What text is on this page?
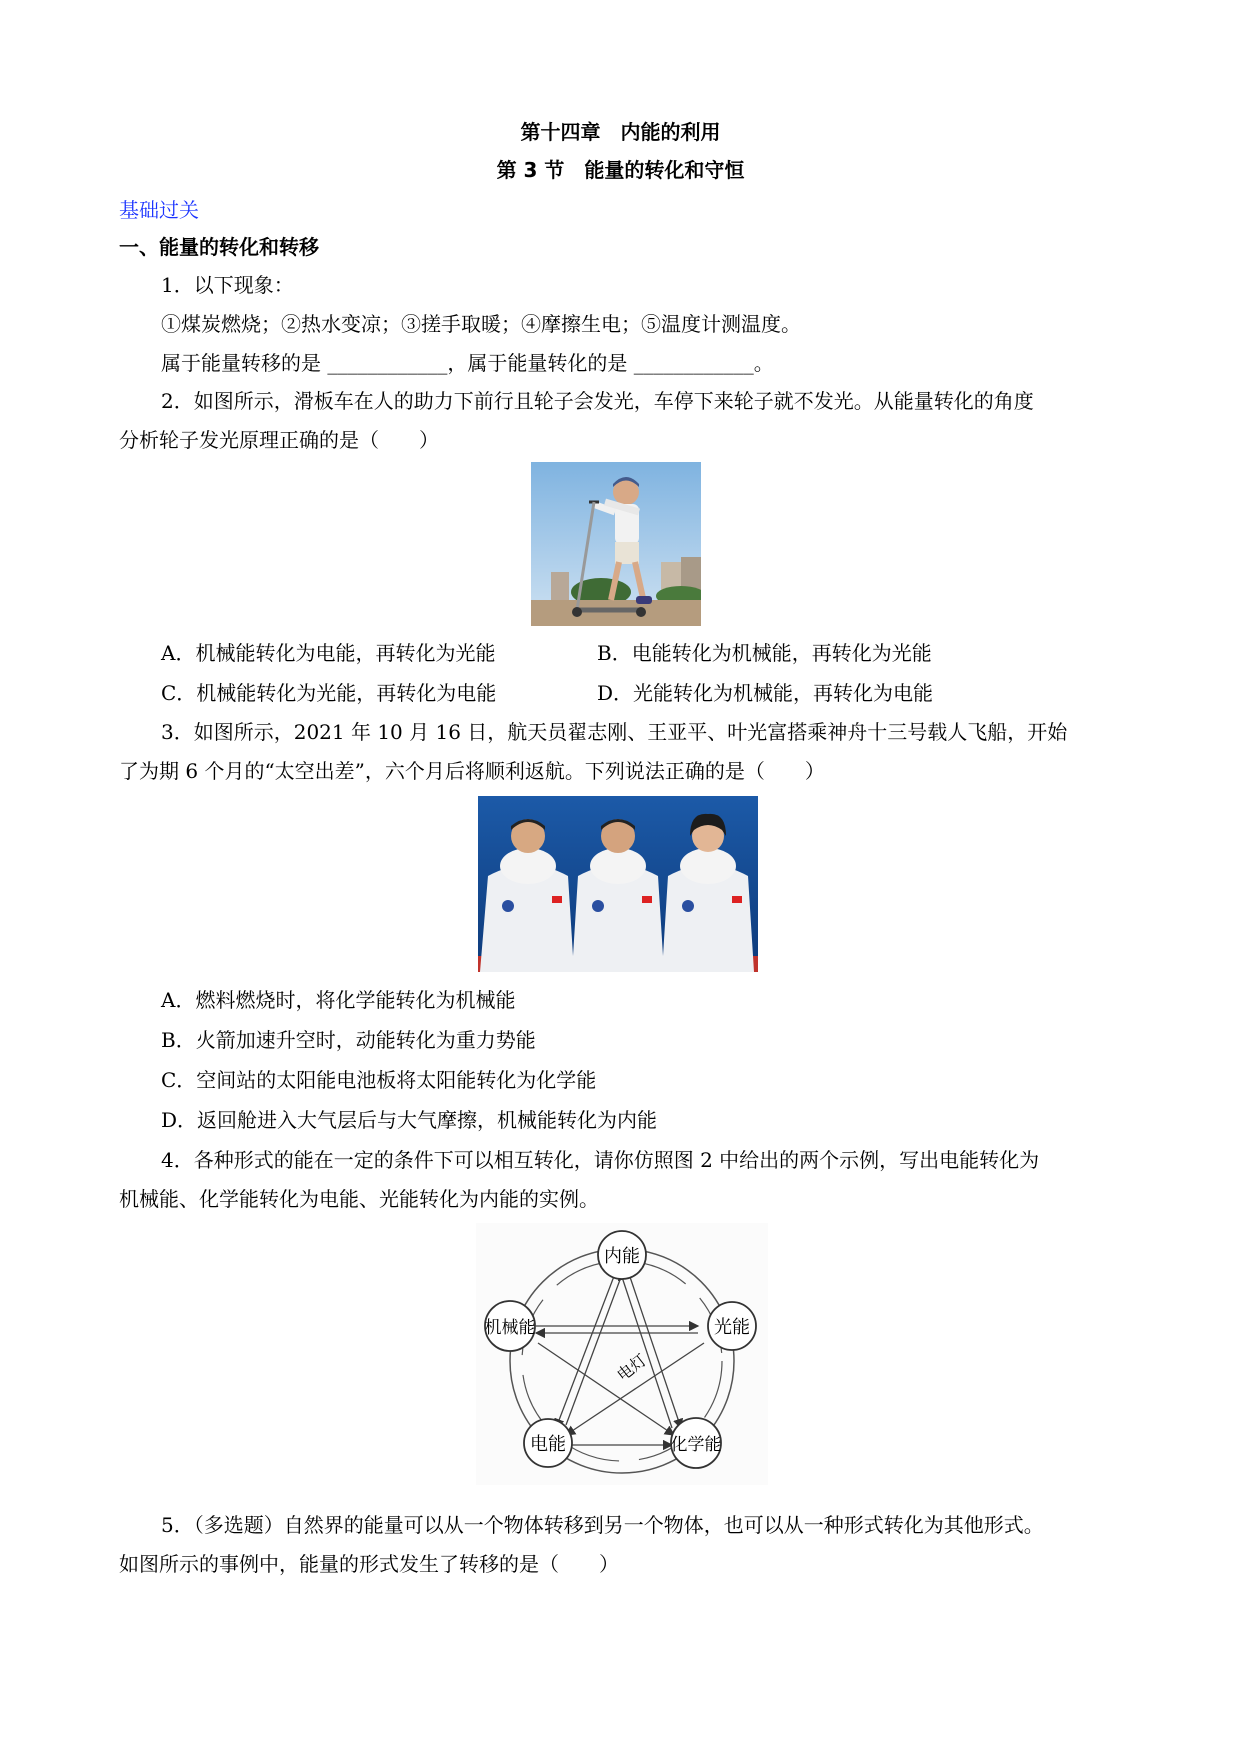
第十四章　内能的利用
第 3 节　能量的转化和守恒
基础过关
一、能量的转化和转移
1．以下现象：
①煤炭燃烧；②热水变凉；③搓手取暖；④摩擦生电；⑤温度计测温度。
属于能量转移的是 ____________，属于能量转化的是 ____________。
2．如图所示，滑板车在人的助力下前行且轮子会发光，车停下来轮子就不发光。从能量转化的角度
分析轮子发光原理正确的是（　　）
A．机械能转化为电能，再转化为光能	B．电能转化为机械能，再转化为光能
C．机械能转化为光能，再转化为电能	D．光能转化为机械能，再转化为电能
3．如图所示，2021 年 10 月 16 日，航天员翟志刚、王亚平、叶光富搭乘神舟十三号载人飞船，开始
了为期 6 个月的“太空出差”，六个月后将顺利返航。下列说法正确的是（　　）
A．燃料燃烧时，将化学能转化为机械能
B．火箭加速升空时，动能转化为重力势能
C．空间站的太阳能电池板将太阳能转化为化学能
D．返回舱进入大气层后与大气摩擦，机械能转化为内能
4．各种形式的能在一定的条件下可以相互转化，请你仿照图 2 中给出的两个示例，写出电能转化为
机械能、化学能转化为电能、光能转化为内能的实例。
内能
机械能	光能
电能	化学能
电灯
5．（多选题）自然界的能量可以从一个物体转移到另一个物体，也可以从一种形式转化为其他形式。
如图所示的事例中，能量的形式发生了转移的是（　　）
